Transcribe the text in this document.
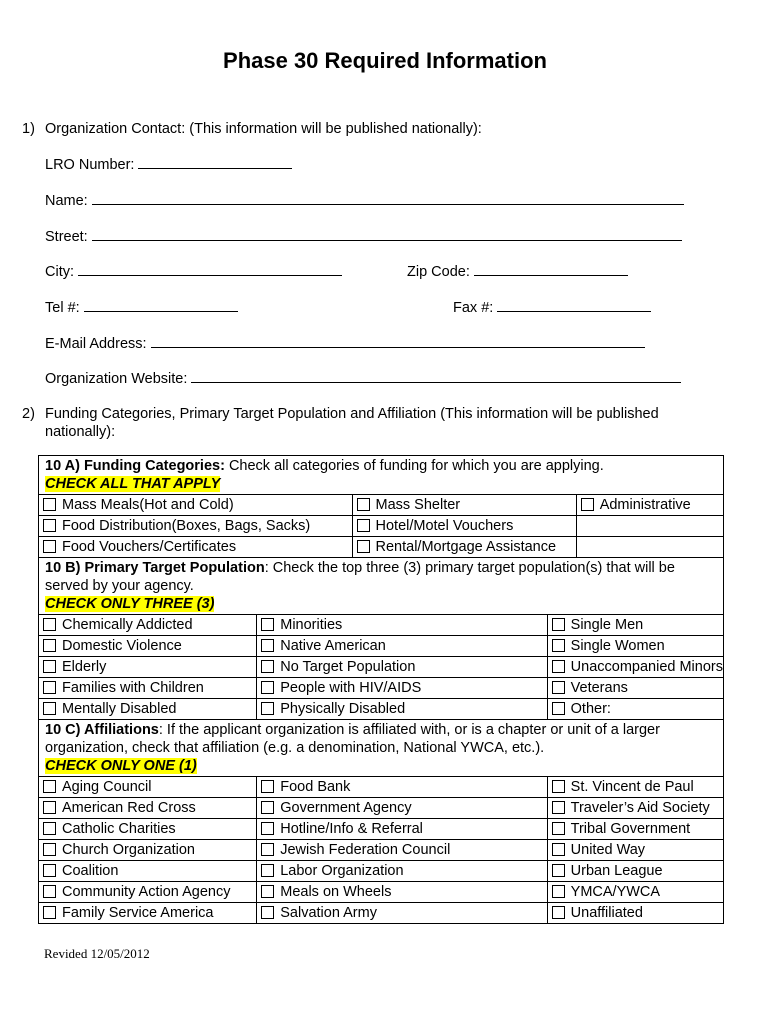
Phase 30 Required Information
1) Organization Contact: (This information will be published nationally):
LRO Number:
Name:
Street:
City:	Zip Code:
Tel #:	Fax #:
E-Mail Address:
Organization Website:
2) Funding Categories, Primary Target Population and Affiliation (This information will be published
nationally):
10 A) Funding Categories: Check all categories of funding for which you are applying.
CHECK ALL THAT APPLY				
Mass Meals(Hot and Cold)		Mass Shelter		Administrative
Food Distribution(Boxes, Bags, Sacks)		Hotel/Motel Vouchers		
Food Vouchers/Certificates		Rental/Mortgage Assistance		
10 B) Primary Target Population: Check the top three (3) primary target population(s) that will be served by your agency.
CHECK ONLY THREE (3)				
Chemically Addicted	Minorities		Single Men	
Domestic Violence	Native American		Single Women	
Elderly	No Target Population		Unaccompanied Minors	
Families with Children	People with HIV/AIDS		Veterans	
Mentally Disabled	Physically Disabled		Other:	
10 C) Affiliations: If the applicant organization is affiliated with, or is a chapter or unit of a larger organization, check that affiliation (e.g. a denomination, National YWCA, etc.).
CHECK ONLY ONE (1)				
Aging Council	Food Bank		St. Vincent de Paul	
American Red Cross	Government Agency		Traveler’s Aid Society	
Catholic Charities	Hotline/Info & Referral		Tribal Government	
Church Organization	Jewish Federation Council		United Way	
Coalition	Labor Organization		Urban League	
Community Action Agency	Meals on Wheels		YMCA/YWCA	
Family Service America	Salvation Army		Unaffiliated	
Revided 12/05/2012
